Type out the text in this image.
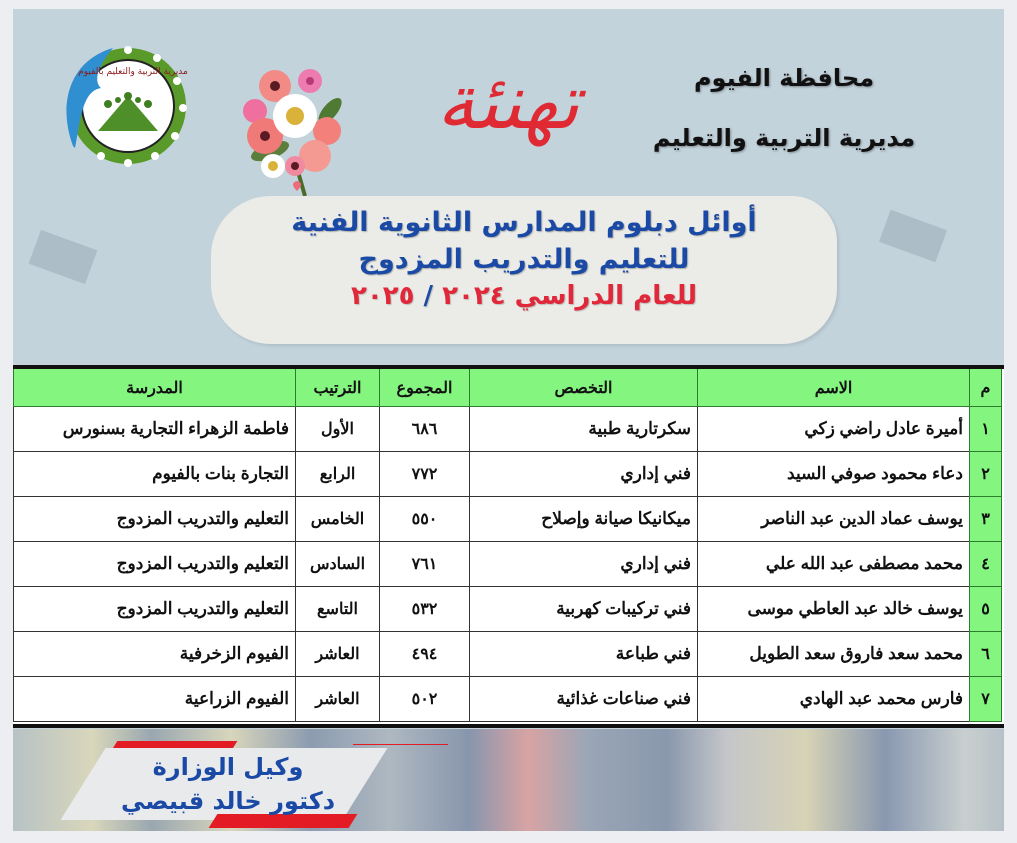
مديرية التربية والتعليم بالفيوم	تهنئة	محافظة الفيوم
مديرية التربية والتعليم
أوائل دبلوم المدارس الثانوية الفنية
للتعليم والتدريب المزدوج
للعام الدراسي ٢٠٢٤ / ٢٠٢٥
م	الاسم	التخصص	المجموع	الترتيب	المدرسة
١	أميرة عادل راضي زكي	سكرتارية طبية	٦٨٦	الأول	فاطمة الزهراء التجارية بسنورس
٢	دعاء محمود صوفي السيد	فني إداري	٧٧٢	الرابع	التجارة بنات بالفيوم
٣	يوسف عماد الدين عبد الناصر	ميكانيكا صيانة وإصلاح	٥٥٠	الخامس	التعليم والتدريب المزدوج
٤	محمد مصطفى عبد الله علي	فني إداري	٧٦١	السادس	التعليم والتدريب المزدوج
٥	يوسف خالد عبد العاطي موسى	فني تركيبات كهربية	٥٣٢	التاسع	التعليم والتدريب المزدوج
٦	محمد سعد فاروق سعد الطويل	فني طباعة	٤٩٤	العاشر	الفيوم الزخرفية
٧	فارس محمد عبد الهادي	فني صناعات غذائية	٥٠٢	العاشر	الفيوم الزراعية
وكيل الوزارة
دكتور خالد قبيصي
